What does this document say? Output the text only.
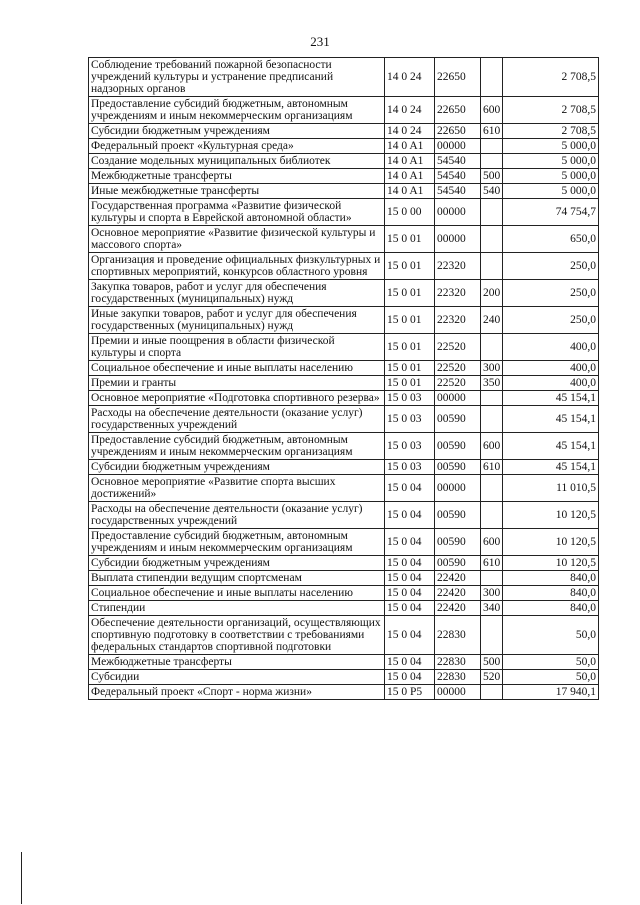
231
Соблюдение требований пожарной безопасности учреждений культуры и устранение предписаний надзорных органов	14 0 24	22650		2 708,5
Предоставление субсидий бюджетным, автономным учреждениям и иным некоммерческим организациям	14 0 24	22650	600	2 708,5
Субсидии бюджетным учреждениям	14 0 24	22650	610	2 708,5
Федеральный проект «Культурная среда»	14 0 A1	00000		5 000,0
Создание модельных муниципальных библиотек	14 0 A1	54540		5 000,0
Межбюджетные трансферты	14 0 A1	54540	500	5 000,0
Иные межбюджетные трансферты	14 0 A1	54540	540	5 000,0
Государственная программа «Развитие физической культуры и спорта в Еврейской автономной области»	15 0 00	00000		74 754,7
Основное мероприятие «Развитие физической культуры и массового спорта»	15 0 01	00000		650,0
Организация и проведение официальных физкультурных и спортивных мероприятий, конкурсов областного уровня	15 0 01	22320		250,0
Закупка товаров, работ и услуг для обеспечения государственных (муниципальных) нужд	15 0 01	22320	200	250,0
Иные закупки товаров, работ и услуг для обеспечения государственных (муниципальных) нужд	15 0 01	22320	240	250,0
Премии и иные поощрения в области физической культуры и спорта	15 0 01	22520		400,0
Социальное обеспечение и иные выплаты населению	15 0 01	22520	300	400,0
Премии и гранты	15 0 01	22520	350	400,0
Основное мероприятие «Подготовка спортивного резерва»	15 0 03	00000		45 154,1
Расходы на обеспечение деятельности (оказание услуг) государственных учреждений	15 0 03	00590		45 154,1
Предоставление субсидий бюджетным, автономным учреждениям и иным некоммерческим организациям	15 0 03	00590	600	45 154,1
Субсидии бюджетным учреждениям	15 0 03	00590	610	45 154,1
Основное мероприятие «Развитие спорта высших достижений»	15 0 04	00000		11 010,5
Расходы на обеспечение деятельности (оказание услуг) государственных учреждений	15 0 04	00590		10 120,5
Предоставление субсидий бюджетным, автономным учреждениям и иным некоммерческим организациям	15 0 04	00590	600	10 120,5
Субсидии бюджетным учреждениям	15 0 04	00590	610	10 120,5
Выплата стипендии ведущим спортсменам	15 0 04	22420		840,0
Социальное обеспечение и иные выплаты населению	15 0 04	22420	300	840,0
Стипендии	15 0 04	22420	340	840,0
Обеспечение деятельности организаций, осуществляющих спортивную подготовку в соответствии с требованиями федеральных стандартов спортивной подготовки	15 0 04	22830		50,0
Межбюджетные трансферты	15 0 04	22830	500	50,0
Субсидии	15 0 04	22830	520	50,0
Федеральный проект «Спорт - норма жизни»	15 0 P5	00000		17 940,1
